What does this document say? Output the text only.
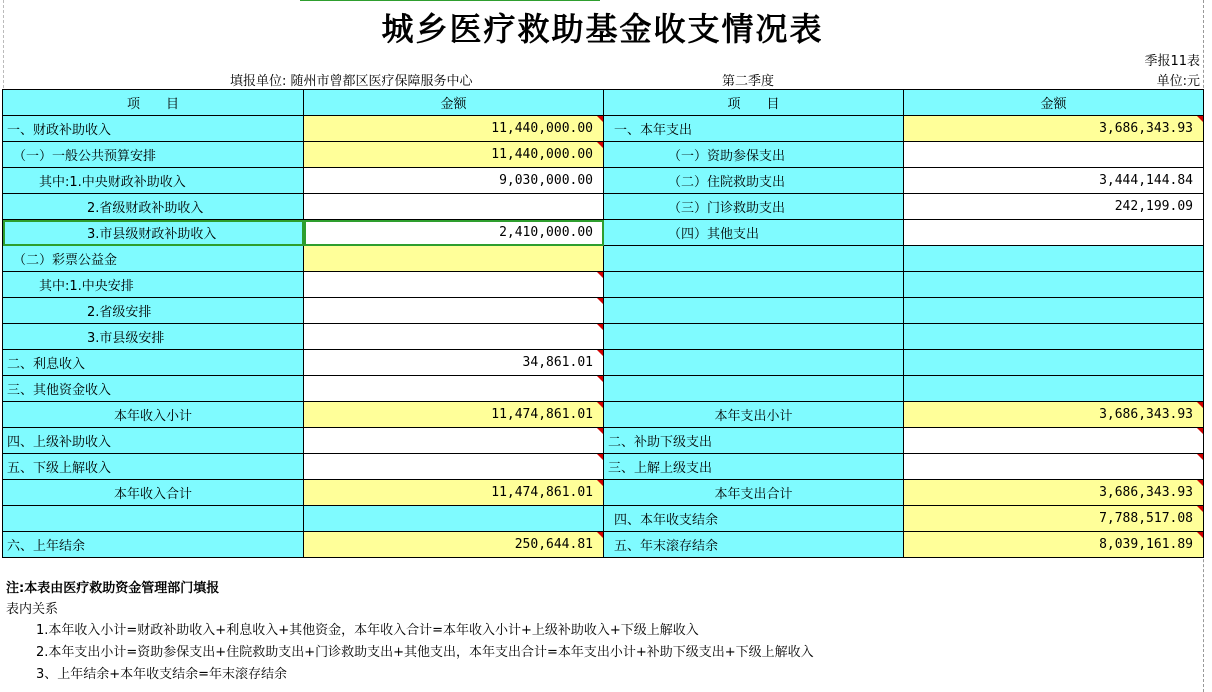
城乡医疗救助基金收支情况表
季报11表
填报单位: 随州市曾都区医疗保障服务中心	第二季度	单位:元
项　　目	金额	项　　目	金额
一、财政补助收入	11,440,000.00	一、本年支出	3,686,343.93
（一）一般公共预算安排	11,440,000.00	（一）资助参保支出	
其中:1.中央财政补助收入	9,030,000.00	（二）住院救助支出	3,444,144.84
2.省级财政补助收入		（三）门诊救助支出	242,199.09
3.市县级财政补助收入	2,410,000.00	（四）其他支出	
（二）彩票公益金			
其中:1.中央安排			
2.省级安排			
3.市县级安排			
二、利息收入	34,861.01		
三、其他资金收入			
本年收入小计	11,474,861.01	本年支出小计	3,686,343.93
四、上级补助收入		二、补助下级支出	
五、下级上解收入		三、上解上级支出	
本年收入合计	11,474,861.01	本年支出合计	3,686,343.93
		四、本年收支结余	7,788,517.08
六、上年结余	250,644.81	五、年末滚存结余	8,039,161.89
注:本表由医疗救助资金管理部门填报
表内关系
1.本年收入小计=财政补助收入+利息收入+其他资金，本年收入合计=本年收入小计+上级补助收入+下级上解收入
2.本年支出小计=资助参保支出+住院救助支出+门诊救助支出+其他支出，本年支出合计=本年支出小计+补助下级支出+下级上解收入
3、上年结余+本年收支结余=年末滚存结余
